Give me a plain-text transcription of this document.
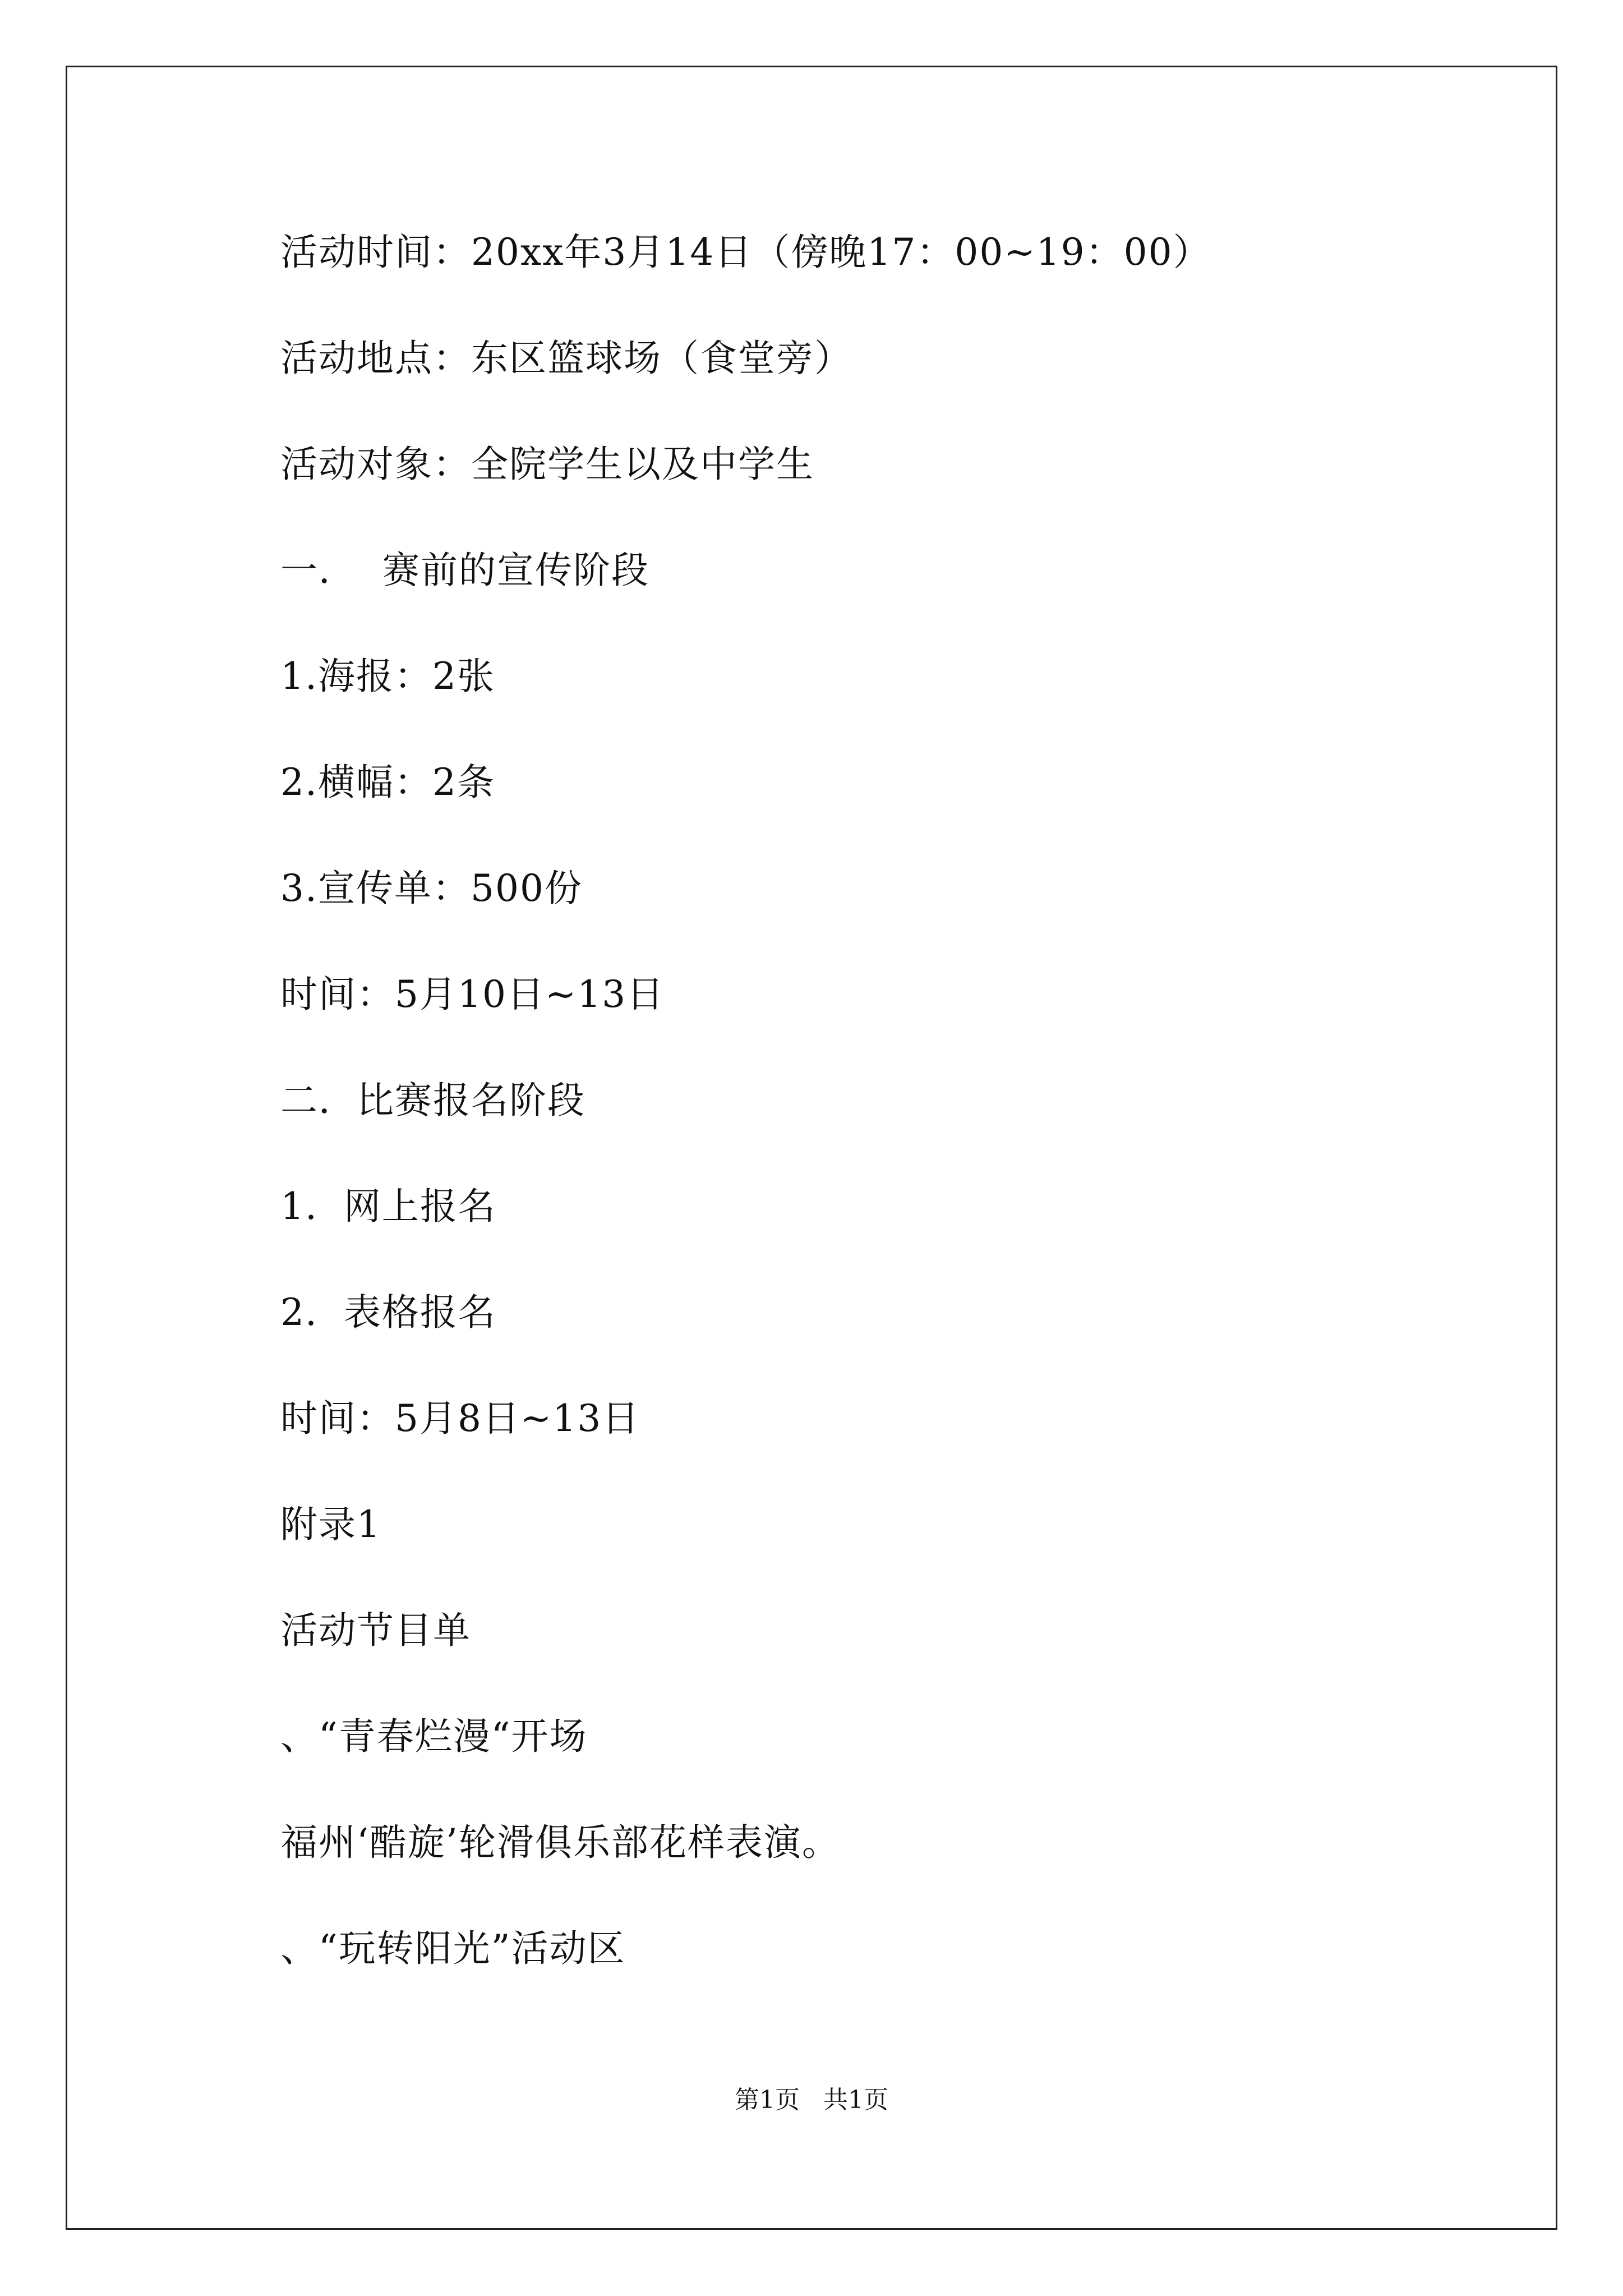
活动时间：20xx年3月14日（傍晚17：00~19：00）
活动地点：东区篮球场（食堂旁）
活动对象：全院学生以及中学生
一．  赛前的宣传阶段
1.海报：2张
2.横幅：2条
3.宣传单：500份
时间：5月10日~13日
二．比赛报名阶段
1.  网上报名
2.  表格报名
时间：5月8日~13日
附录1
活动节目单
、“青春烂漫“开场
福州‘酷旋’轮滑俱乐部花样表演。
、“玩转阳光”活动区
第1页   共1页
